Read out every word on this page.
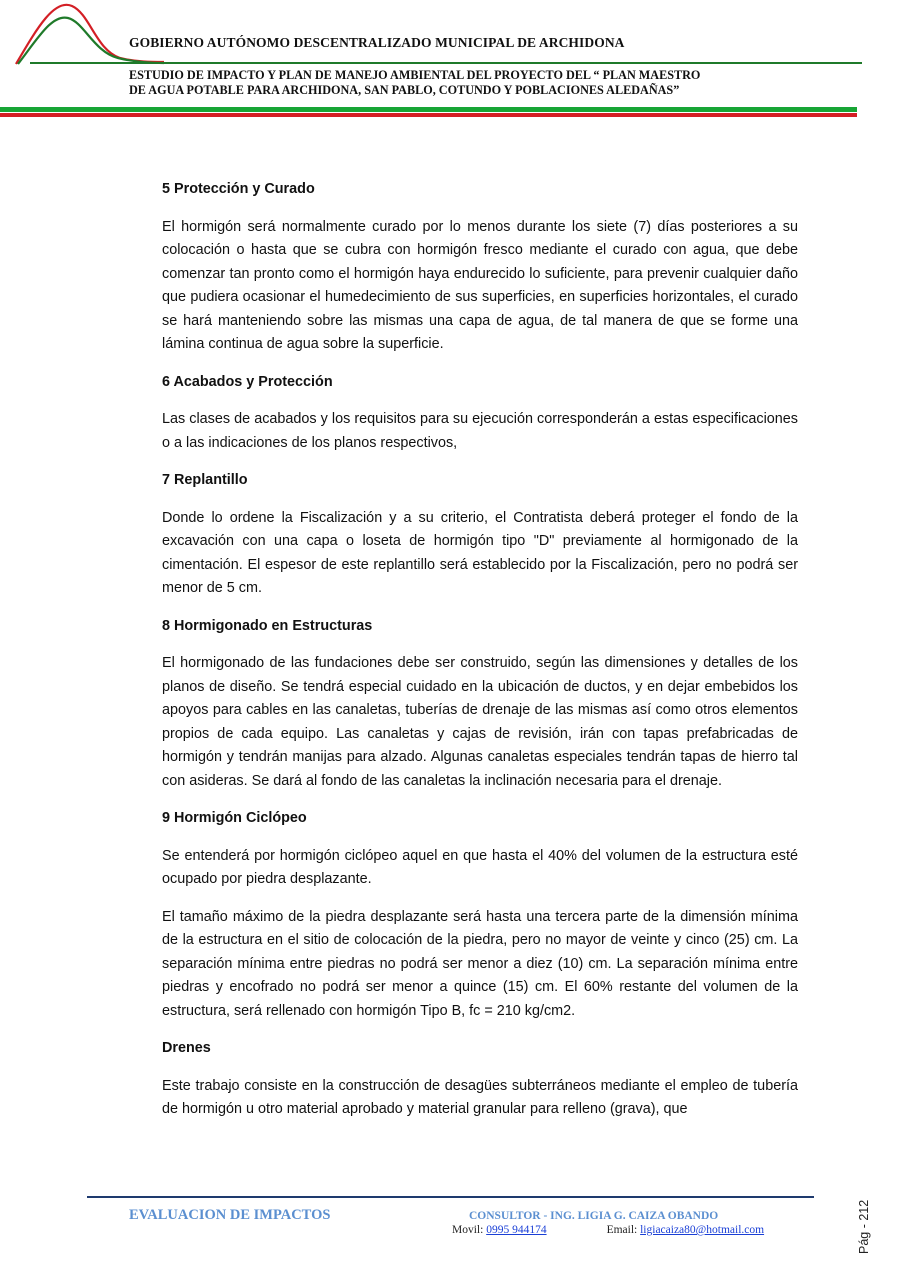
GOBIERNO AUTÓNOMO DESCENTRALIZADO MUNICIPAL DE ARCHIDONA
ESTUDIO DE IMPACTO Y PLAN DE MANEJO AMBIENTAL DEL PROYECTO DEL “ PLAN MAESTRO
DE AGUA POTABLE PARA ARCHIDONA, SAN PABLO, COTUNDO Y POBLACIONES ALEDAÑAS”
5 Protección y Curado

El hormigón será normalmente curado por lo menos durante los siete (7) días posteriores a su colocación o hasta que se cubra con hormigón fresco mediante el curado con agua, que debe comenzar tan pronto como el hormigón haya endurecido lo suficiente, para prevenir cualquier daño que pudiera ocasionar el humedecimiento de sus superficies, en superficies horizontales, el curado se hará manteniendo sobre las mismas una capa de agua, de tal manera de que se forme una lámina continua de agua sobre la superficie.

6 Acabados y Protección

Las clases de acabados y los requisitos para su ejecución corresponderán a estas especificaciones o a las indicaciones de los planos respectivos,

7 Replantillo

Donde lo ordene la Fiscalización y a su criterio, el Contratista deberá proteger el fondo de la excavación con una capa o loseta de hormigón tipo "D" previamente al hormigonado de la cimentación. El espesor de este replantillo será establecido por la Fiscalización, pero no podrá ser menor de 5 cm.

8 Hormigonado en Estructuras

El hormigonado de las fundaciones debe ser construido, según las dimensiones y detalles de los planos de diseño. Se tendrá especial cuidado en la ubicación de ductos, y en dejar embebidos los apoyos para cables en las canaletas, tuberías de drenaje de las mismas así como otros elementos propios de cada equipo. Las canaletas y cajas de revisión, irán con tapas prefabricadas de hormigón y tendrán manijas para alzado. Algunas canaletas especiales tendrán tapas de hierro tal con asideras. Se dará al fondo de las canaletas la inclinación necesaria para el drenaje.

9 Hormigón Ciclópeo

Se entenderá por hormigón ciclópeo aquel en que hasta el 40% del volumen de la estructura esté ocupado por piedra desplazante.

El tamaño máximo de la piedra desplazante será hasta una tercera parte de la dimensión mínima de la estructura en el sitio de colocación de la piedra, pero no mayor de veinte y cinco (25) cm. La separación mínima entre piedras no podrá ser menor a diez (10) cm. La separación mínima entre piedras y encofrado no podrá ser menor a quince (15) cm. El 60% restante del volumen de la estructura, será rellenado con hormigón Tipo B, fc = 210 kg/cm2.

Drenes

Este trabajo consiste en la construcción de desagües subterráneos mediante el empleo de tubería de hormigón u otro material aprobado y material granular para relleno (grava), que

EVALUACION DE IMPACTOS	CONSULTOR - ING. LIGIA G. CAIZA OBANDO
Movil: 0995 944174	Email: ligiacaiza80@hotmail.com	Pág - 212
